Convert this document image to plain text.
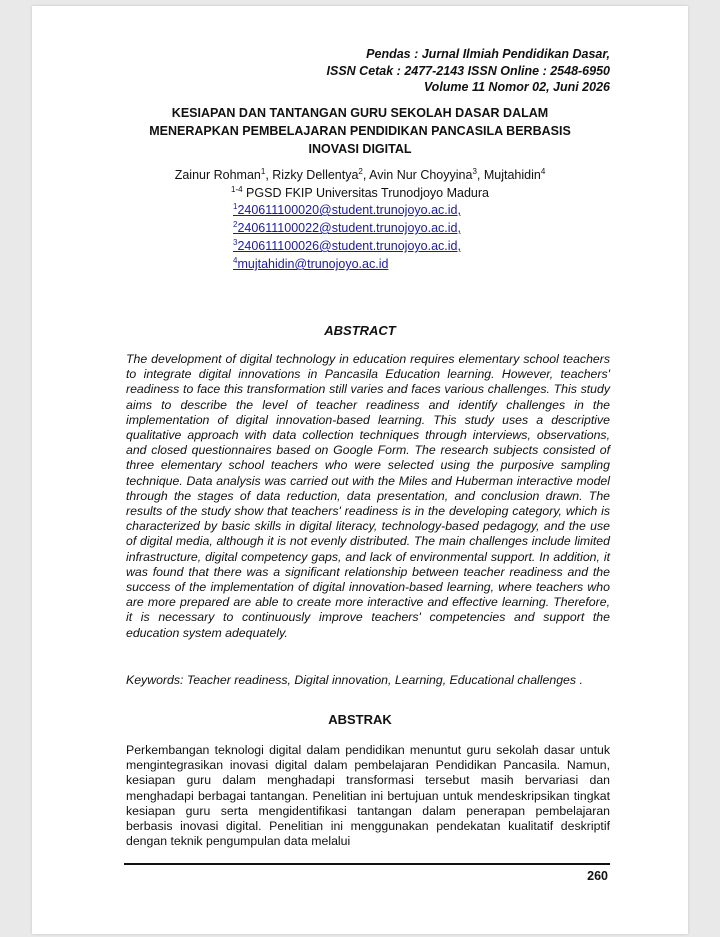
Pendas : Jurnal Ilmiah Pendidikan Dasar,
ISSN Cetak : 2477-2143 ISSN Online : 2548-6950
Volume 11 Nomor 02, Juni 2026
KESIAPAN DAN TANTANGAN GURU SEKOLAH DASAR DALAM MENERAPKAN PEMBELAJARAN PENDIDIKAN PANCASILA BERBASIS INOVASI DIGITAL
Zainur Rohman$^1$, Rizky Dellentya$^2$, Avin Nur Choyyina$^3$, Mujtahidin$^4$
$^{1-4}$ PGSD FKIP Universitas Trunodjoyo Madura
$^1$240611100020@student.trunojoyo.ac.id,
$^2$240611100022@student.trunojoyo.ac.id,
$^3$240611100026@student.trunojoyo.ac.id,
$^4$mujtahidin@trunojoyo.ac.id
ABSTRACT
The development of digital technology in education requires elementary school teachers to integrate digital innovations in Pancasila Education learning. However, teachers' readiness to face this transformation still varies and faces various challenges. This study aims to describe the level of teacher readiness and identify challenges in the implementation of digital innovation-based learning. This study uses a descriptive qualitative approach with data collection techniques through interviews, observations, and closed questionnaires based on Google Form. The research subjects consisted of three elementary school teachers who were selected using the purposive sampling technique. Data analysis was carried out with the Miles and Huberman interactive model through the stages of data reduction, data presentation, and conclusion drawn. The results of the study show that teachers' readiness is in the developing category, which is characterized by basic skills in digital literacy, technology-based pedagogy, and the use of digital media, although it is not evenly distributed. The main challenges include limited infrastructure, digital competency gaps, and lack of environmental support. In addition, it was found that there was a significant relationship between teacher readiness and the success of the implementation of digital innovation-based learning, where teachers who are more prepared are able to create more interactive and effective learning. Therefore, it is necessary to continuously improve teachers' competencies and support the education system adequately.
Keywords: Teacher readiness, Digital innovation, Learning, Educational challenges .
ABSTRAK
Perkembangan teknologi digital dalam pendidikan menuntut guru sekolah dasar untuk mengintegrasikan inovasi digital dalam pembelajaran Pendidikan Pancasila. Namun, kesiapan guru dalam menghadapi transformasi tersebut masih bervariasi dan menghadapi berbagai tantangan. Penelitian ini bertujuan untuk mendeskripsikan tingkat kesiapan guru serta mengidentifikasi tantangan dalam penerapan pembelajaran berbasis inovasi digital. Penelitian ini menggunakan pendekatan kualitatif deskriptif dengan teknik pengumpulan data melalui
260
